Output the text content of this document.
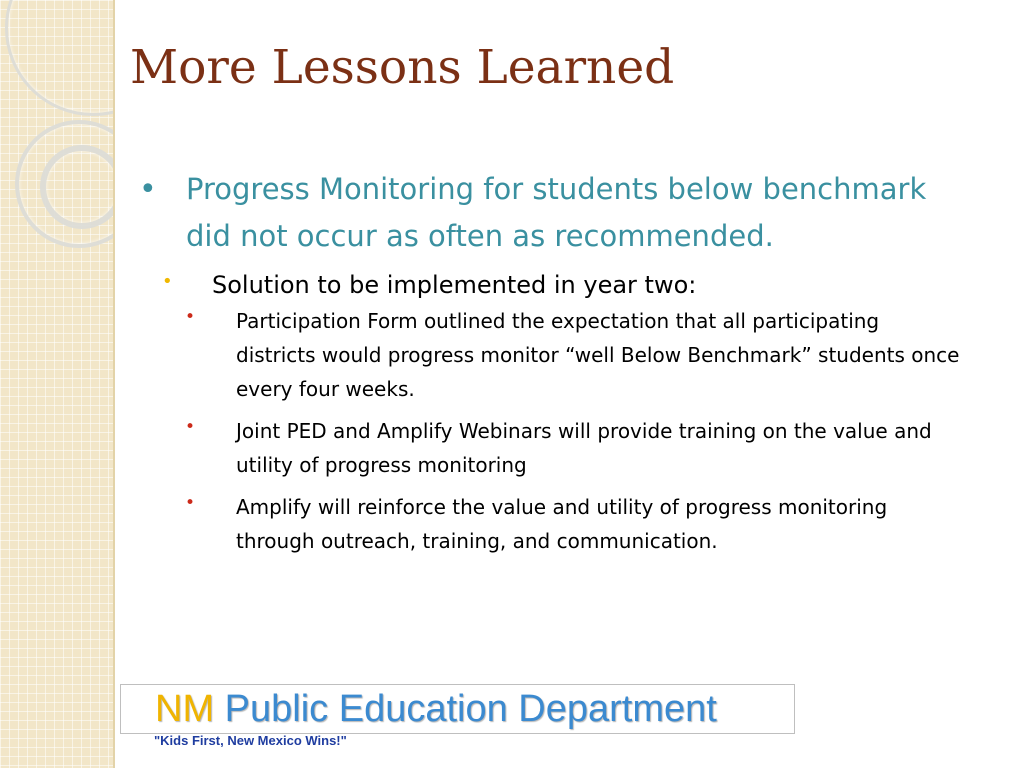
More Lessons Learned
• Progress Monitoring for students below benchmark did not occur as often as recommended.
• Solution to be implemented in year two:
• Participation Form outlined the expectation that all participating districts would progress monitor “well Below Benchmark” students once every four weeks.
• Joint PED and Amplify Webinars will provide training on the value and utility of progress monitoring
• Amplify will reinforce the value and utility of progress monitoring through outreach, training, and communication.
NM Public Education Department
"Kids First, New Mexico Wins!"
